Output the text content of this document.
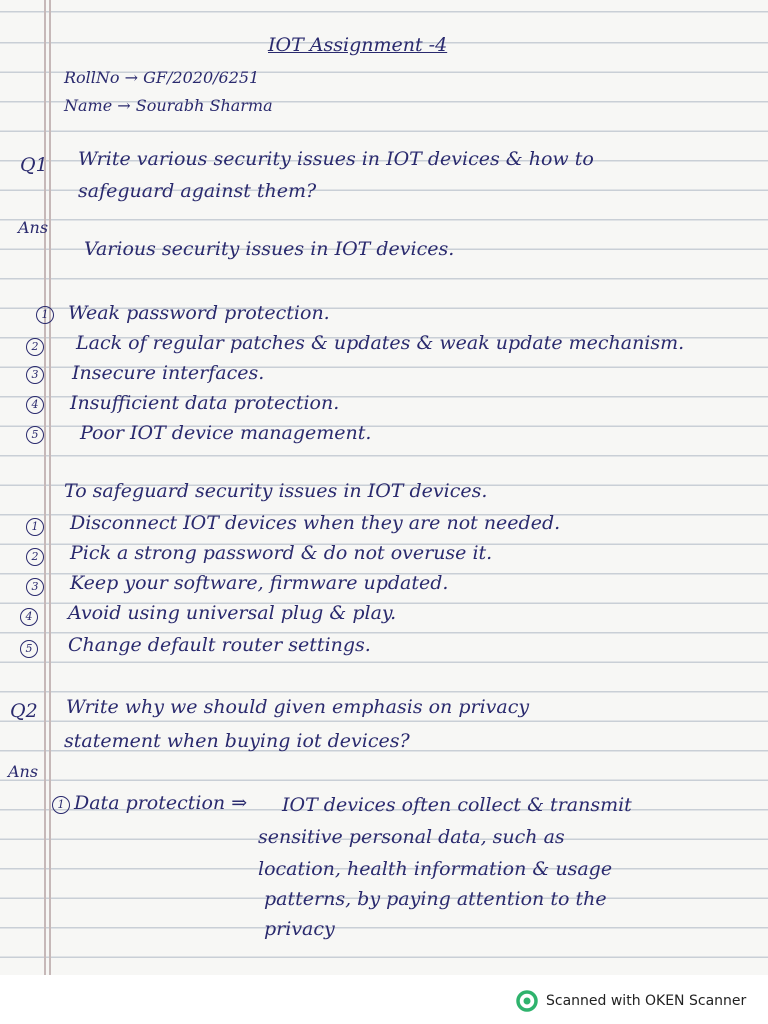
IOT Assignment -4
RollNo → GF/2020/6251
Name → Sourabh Sharma
Q1 Write various security issues in IOT devices & how to
safeguard against them?
Ans
Various security issues in IOT devices.
1 Weak password protection.
2 Lack of regular patches & updates & weak update mechanism.
3 Insecure interfaces.
4 Insufficient data protection.
5 Poor IOT device management.
To safeguard security issues in IOT devices.
1 Disconnect IOT devices when they are not needed.
2 Pick a strong password & do not overuse it.
3 Keep your software, firmware updated.
4 Avoid using universal plug & play.
5 Change default router settings.
Q2 Write why we should given emphasis on privacy
statement when buying iot devices?
Ans
1 Data protection ⇒ IOT devices often collect & transmit
sensitive personal data, such as
location, health information & usage
patterns, by paying attention to the
privacy
Scanned with OKEN Scanner
